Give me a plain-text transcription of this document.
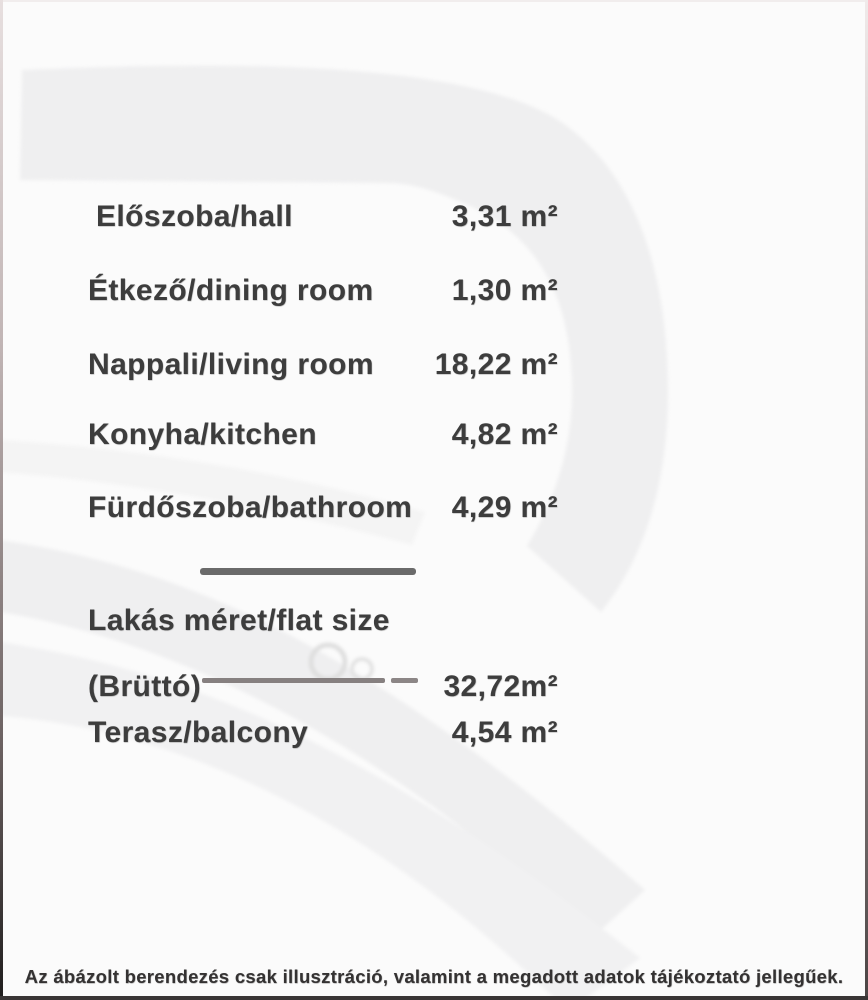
Előszoba/hall	3,31 m²
Étkező/dining room	1,30 m²
Nappali/living room 18,22 m²
Konyha/kitchen	4,82 m²
Fürdőszoba/bathroom 4,29 m²
Lakás méret/flat size
(Brüttó)	32,72m²
Terasz/balcony	4,54 m²
Az ábázolt berendezés csak illusztráció, valamint a megadott adatok tájékoztató jellegűek.
